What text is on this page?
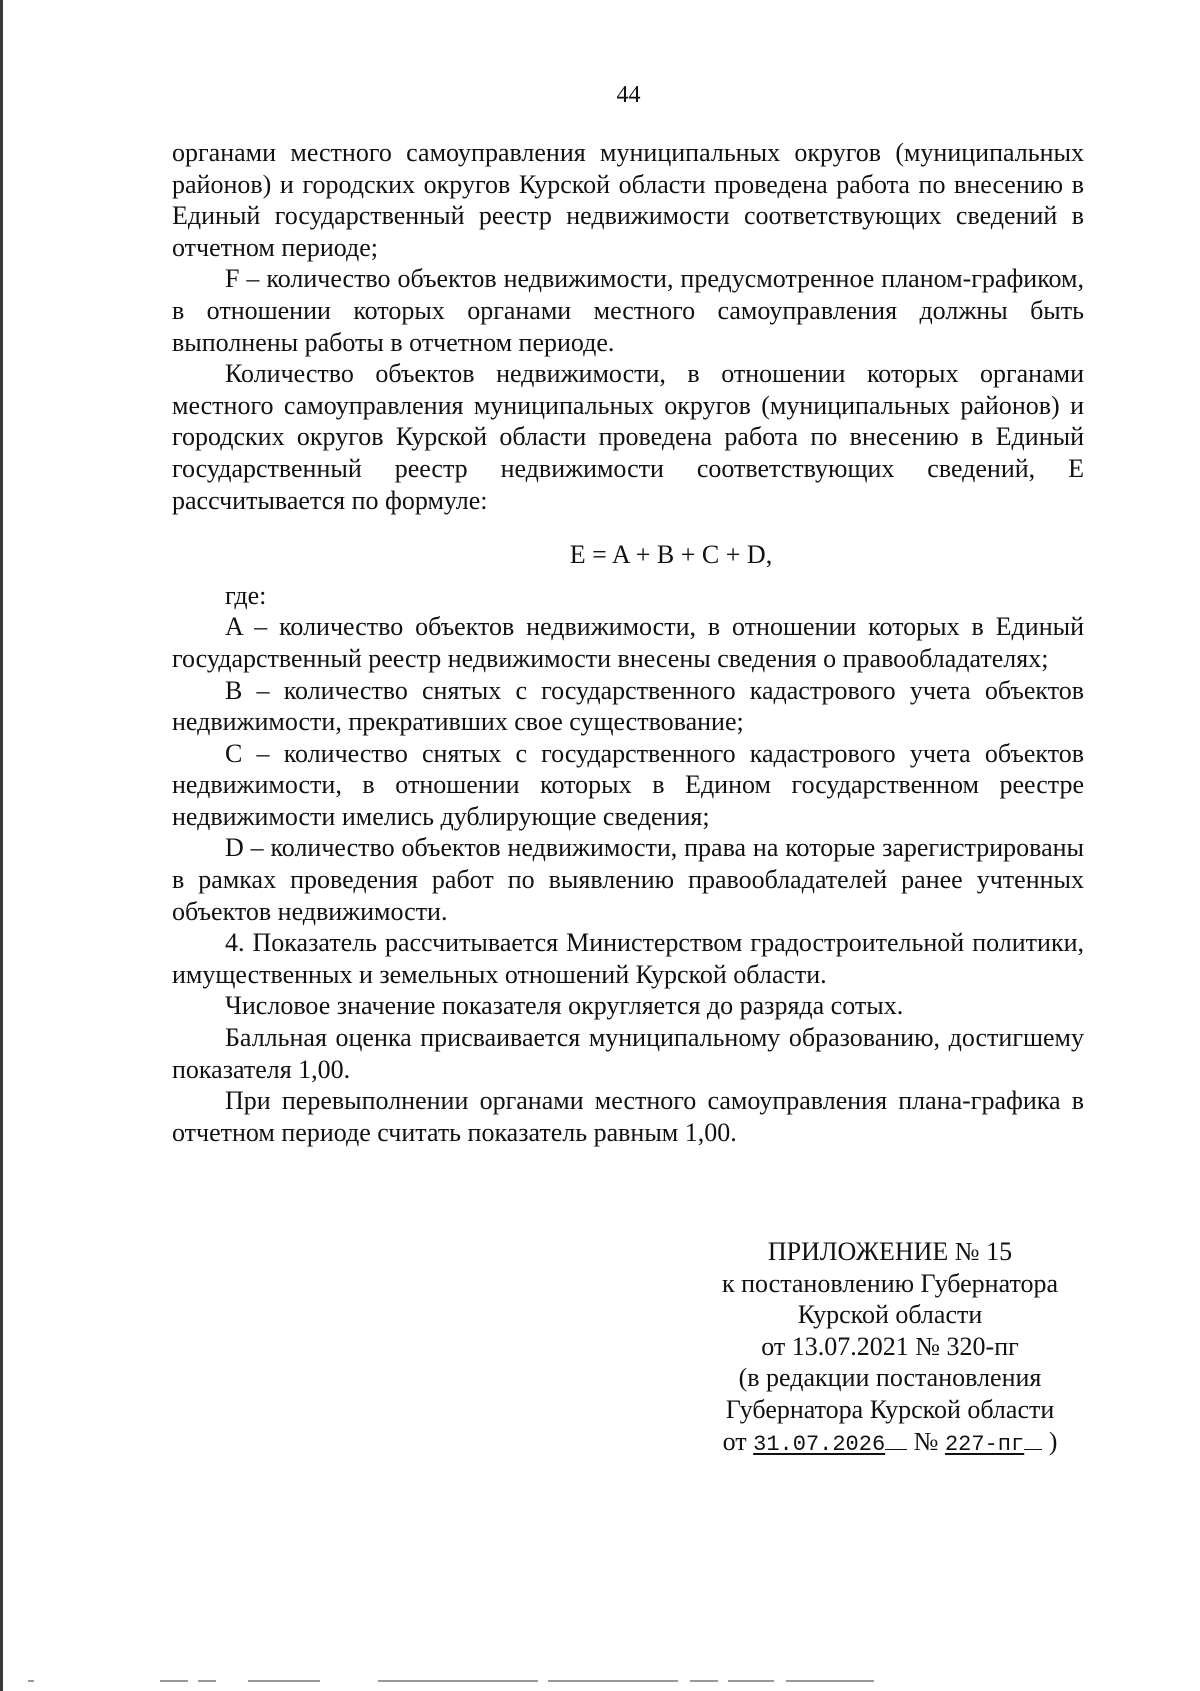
44

органами местного самоуправления муниципальных округов (муниципальных районов) и городских округов Курской области проведена работа по внесению в Единый государственный реестр недвижимости соответствующих сведений в отчетном периоде;

F – количество объектов недвижимости, предусмотренное планом-графиком, в отношении которых органами местного самоуправления должны быть выполнены работы в отчетном периоде.

Количество объектов недвижимости, в отношении которых органами местного самоуправления муниципальных округов (муниципальных районов) и городских округов Курской области проведена работа по внесению в Единый государственный реестр недвижимости соответствующих сведений, E рассчитывается по формуле:

E = A + B + C + D,

где:

A – количество объектов недвижимости, в отношении которых в Единый государственный реестр недвижимости внесены сведения о правообладателях;

B – количество снятых с государственного кадастрового учета объектов недвижимости, прекративших свое существование;

C – количество снятых с государственного кадастрового учета объектов недвижимости, в отношении которых в Едином государственном реестре недвижимости имелись дублирующие сведения;

D – количество объектов недвижимости, права на которые зарегистрированы в рамках проведения работ по выявлению правообладателей ранее учтенных объектов недвижимости.

4. Показатель рассчитывается Министерством градостроительной политики, имущественных и земельных отношений Курской области.

Числовое значение показателя округляется до разряда сотых.

Балльная оценка присваивается муниципальному образованию, достигшему показателя 1,00.

При перевыполнении органами местного самоуправления плана-графика в отчетном периоде считать показатель равным 1,00.

ПРИЛОЖЕНИЕ № 15
к постановлению Губернатора
Курской области
от 13.07.2021 № 320-пг
(в редакции постановления
Губернатора Курской области
от 31.07.2026 № 227-пг )
